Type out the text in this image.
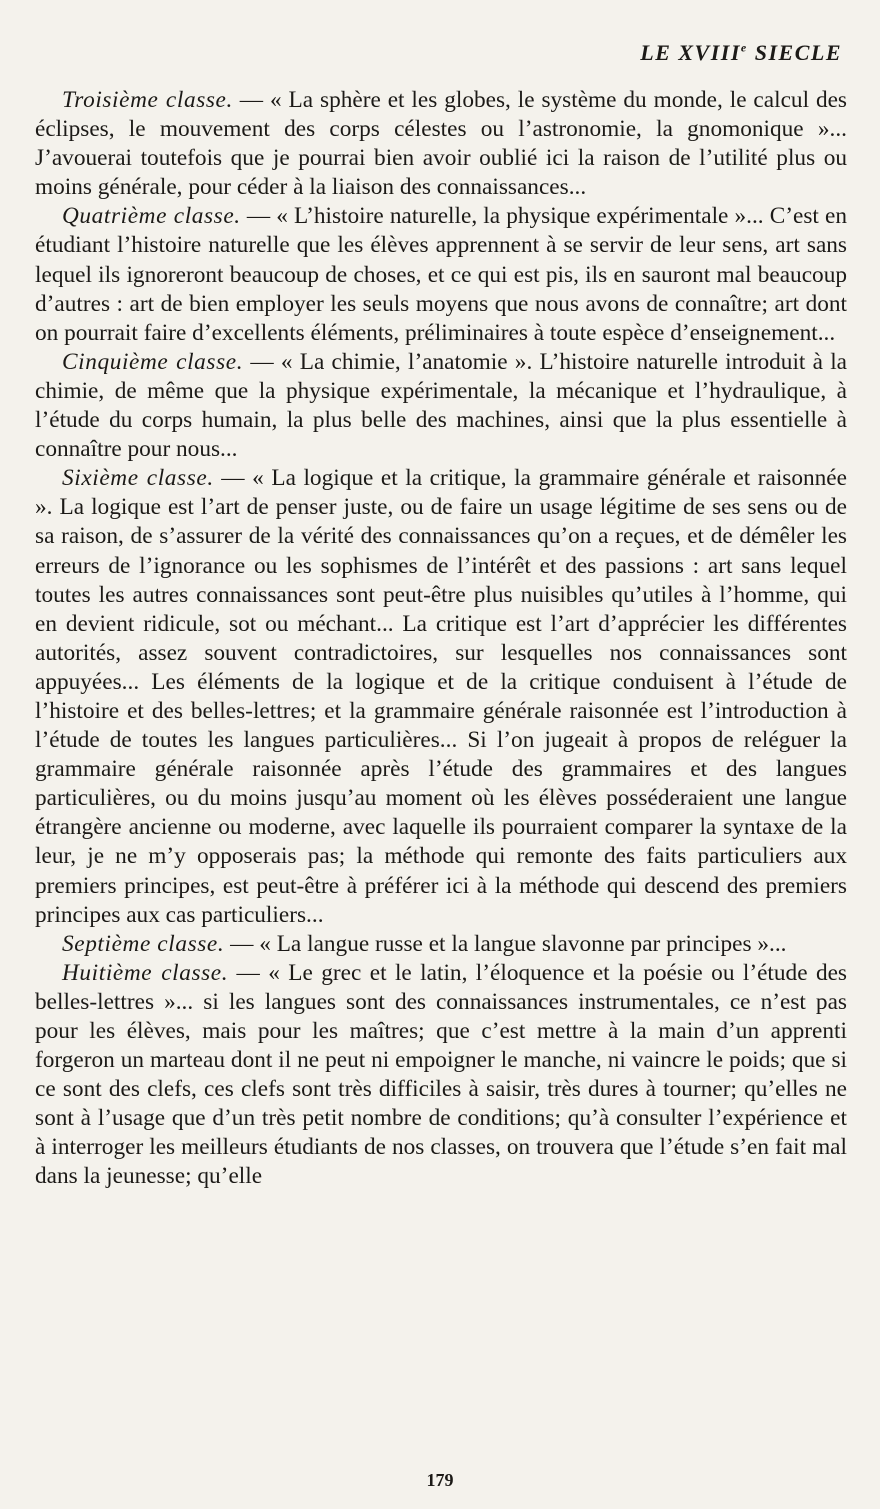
LE XVIIIe SIECLE

Troisième classe. — « La sphère et les globes, le système du monde, le calcul des éclipses, le mouvement des corps célestes ou l’astronomie, la gnomonique »... J’avouerai toutefois que je pourrai bien avoir oublié ici la raison de l’utilité plus ou moins générale, pour céder à la liaison des connaissances...

Quatrième classe. — « L’histoire naturelle, la physique expérimentale »... C’est en étudiant l’histoire naturelle que les élèves apprennent à se servir de leur sens, art sans lequel ils ignoreront beaucoup de choses, et ce qui est pis, ils en sauront mal beaucoup d’autres : art de bien employer les seuls moyens que nous avons de connaître; art dont on pourrait faire d’excellents éléments, préliminaires à toute espèce d’enseignement...

Cinquième classe. — « La chimie, l’anatomie ». L’histoire naturelle introduit à la chimie, de même que la physique expérimentale, la mécanique et l’hydraulique, à l’étude du corps humain, la plus belle des machines, ainsi que la plus essentielle à connaître pour nous...

Sixième classe. — « La logique et la critique, la grammaire générale et raisonnée ». La logique est l’art de penser juste, ou de faire un usage légitime de ses sens ou de sa raison, de s’assurer de la vérité des connaissances qu’on a reçues, et de démêler les erreurs de l’ignorance ou les sophismes de l’intérêt et des passions : art sans lequel toutes les autres connaissances sont peut-être plus nuisibles qu’utiles à l’homme, qui en devient ridicule, sot ou méchant... La critique est l’art d’apprécier les différentes autorités, assez souvent contradictoires, sur lesquelles nos connaissances sont appuyées... Les éléments de la logique et de la critique conduisent à l’étude de l’histoire et des belles-lettres; et la grammaire générale raisonnée est l’introduction à l’étude de toutes les langues particulières... Si l’on jugeait à propos de reléguer la grammaire générale raisonnée après l’étude des grammaires et des langues particulières, ou du moins jusqu’au moment où les élèves posséderaient une langue étrangère ancienne ou moderne, avec laquelle ils pourraient comparer la syntaxe de la leur, je ne m’y opposerais pas; la méthode qui remonte des faits particuliers aux premiers principes, est peut-être à préférer ici à la méthode qui descend des premiers principes aux cas particuliers...

Septième classe. — « La langue russe et la langue slavonne par principes »...

Huitième classe. — « Le grec et le latin, l’éloquence et la poésie ou l’étude des belles-lettres »... si les langues sont des connaissances instrumentales, ce n’est pas pour les élèves, mais pour les maîtres; que c’est mettre à la main d’un apprenti forgeron un marteau dont il ne peut ni empoigner le manche, ni vaincre le poids; que si ce sont des clefs, ces clefs sont très difficiles à saisir, très dures à tourner; qu’elles ne sont à l’usage que d’un très petit nombre de conditions; qu’à consulter l’expérience et à interroger les meilleurs étudiants de nos classes, on trouvera que l’étude s’en fait mal dans la jeunesse; qu’elle

179
